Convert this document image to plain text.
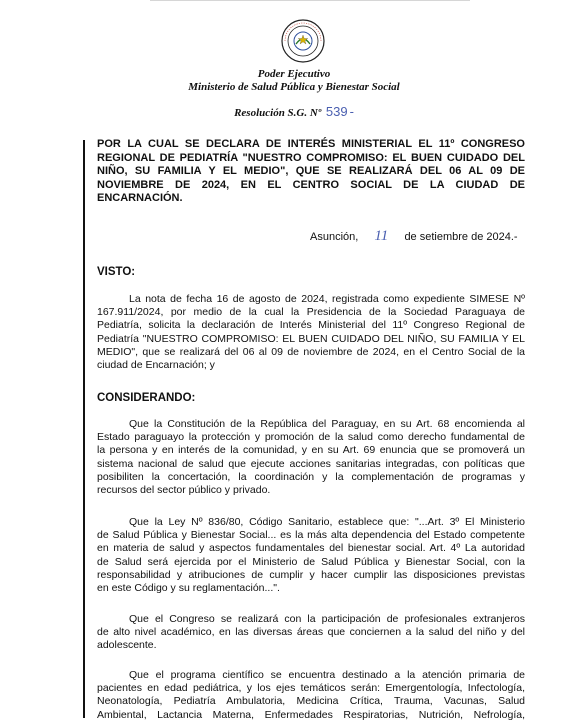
Poder Ejecutivo
Ministerio de Salud Pública y Bienestar Social
Resolución S.G. Nº 539 -
POR LA CUAL SE DECLARA DE INTERÉS MINISTERIAL EL 11º CONGRESO
REGIONAL DE PEDIATRÍA "NUESTRO COMPROMISO: EL BUEN CUIDADO DEL
NIÑO, SU FAMILIA Y EL MEDIO", QUE SE REALIZARÁ DEL 06 AL 09 DE
NOVIEMBRE DE 2024, EN EL CENTRO SOCIAL DE LA CIUDAD DE
ENCARNACIÓN.
Asunción, 11 de setiembre de 2024.-
VISTO:
La nota de fecha 16 de agosto de 2024, registrada como expediente SIMESE Nº
167.911/2024, por medio de la cual la Presidencia de la Sociedad Paraguaya de
Pediatría, solicita la declaración de Interés Ministerial del 11º Congreso Regional de
Pediatría "NUESTRO COMPROMISO: EL BUEN CUIDADO DEL NIÑO, SU FAMILIA Y EL
MEDIO", que se realizará del 06 al 09 de noviembre de 2024, en el Centro Social de la
ciudad de Encarnación; y
CONSIDERANDO:
Que la Constitución de la República del Paraguay, en su Art. 68 encomienda al
Estado paraguayo la protección y promoción de la salud como derecho fundamental de
la persona y en interés de la comunidad, y en su Art. 69 enuncia que se promoverá un
sistema nacional de salud que ejecute acciones sanitarias integradas, con políticas que
posibiliten la concertación, la coordinación y la complementación de programas y
recursos del sector público y privado.
Que la Ley Nº 836/80, Código Sanitario, establece que: "...Art. 3º El Ministerio
de Salud Pública y Bienestar Social... es la más alta dependencia del Estado competente
en materia de salud y aspectos fundamentales del bienestar social. Art. 4º La autoridad
de Salud será ejercida por el Ministerio de Salud Pública y Bienestar Social, con la
responsabilidad y atribuciones de cumplir y hacer cumplir las disposiciones previstas
en este Código y su reglamentación...".
Que el Congreso se realizará con la participación de profesionales extranjeros
de alto nivel académico, en las diversas áreas que conciernen a la salud del niño y del
adolescente.
Que el programa científico se encuentra destinado a la atención primaria de
pacientes en edad pediátrica, y los ejes temáticos serán: Emergentología, Infectología,
Neonatología, Pediatría Ambulatoria, Medicina Crítica, Trauma, Vacunas, Salud
Ambiental, Lactancia Materna, Enfermedades Respiratorias, Nutrición, Nefrología,
